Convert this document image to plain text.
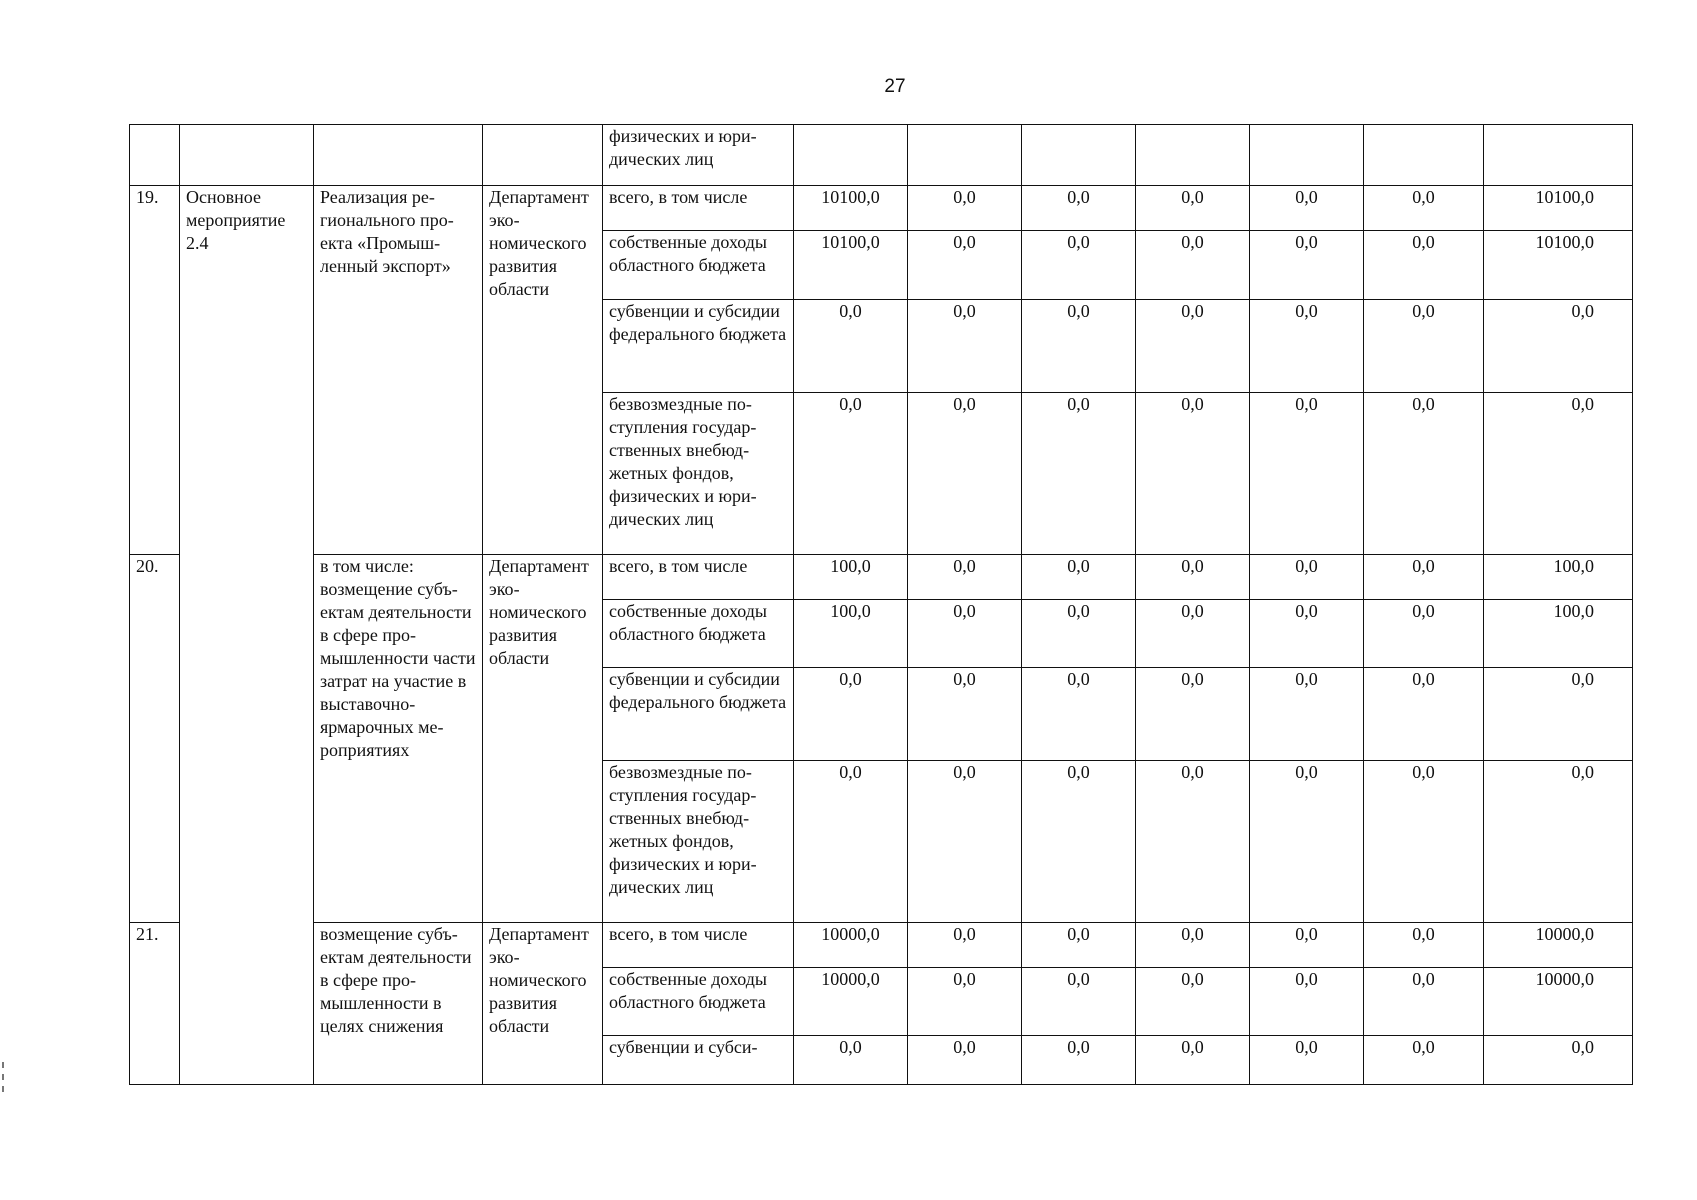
27
				физических и юридических лиц							
19.	Основное мероприятие 2.4	Реализация регионального проекта «Промышленный экспорт»	Департамент экономического развития области	всего, в том числе	10100,0	0,0	0,0	0,0	0,0	0,0	10100,0
				собственные доходы областного бюджета	10100,0	0,0	0,0	0,0	0,0	0,0	10100,0
				субвенции и субсидии федерального бюджета	0,0	0,0	0,0	0,0	0,0	0,0	0,0
				безвозмездные поступления государственных внебюджетных фондов, физических и юридических лиц	0,0	0,0	0,0	0,0	0,0	0,0	0,0
20.		в том числе: возмещение субъектам деятельности в сфере промышленности части затрат на участие в выставочно-ярмарочных мероприятиях	Департамент экономического развития области	всего, в том числе	100,0	0,0	0,0	0,0	0,0	0,0	100,0
				собственные доходы областного бюджета	100,0	0,0	0,0	0,0	0,0	0,0	100,0
				субвенции и субсидии федерального бюджета	0,0	0,0	0,0	0,0	0,0	0,0	0,0
				безвозмездные поступления государственных внебюджетных фондов, физических и юридических лиц	0,0	0,0	0,0	0,0	0,0	0,0	0,0
21.		возмещение субъектам деятельности в сфере промышленности в целях снижения	Департамент экономического развития области	всего, в том числе	10000,0	0,0	0,0	0,0	0,0	0,0	10000,0
				собственные доходы областного бюджета	10000,0	0,0	0,0	0,0	0,0	0,0	10000,0
				субвенции и субси-	0,0	0,0	0,0	0,0	0,0	0,0	0,0
